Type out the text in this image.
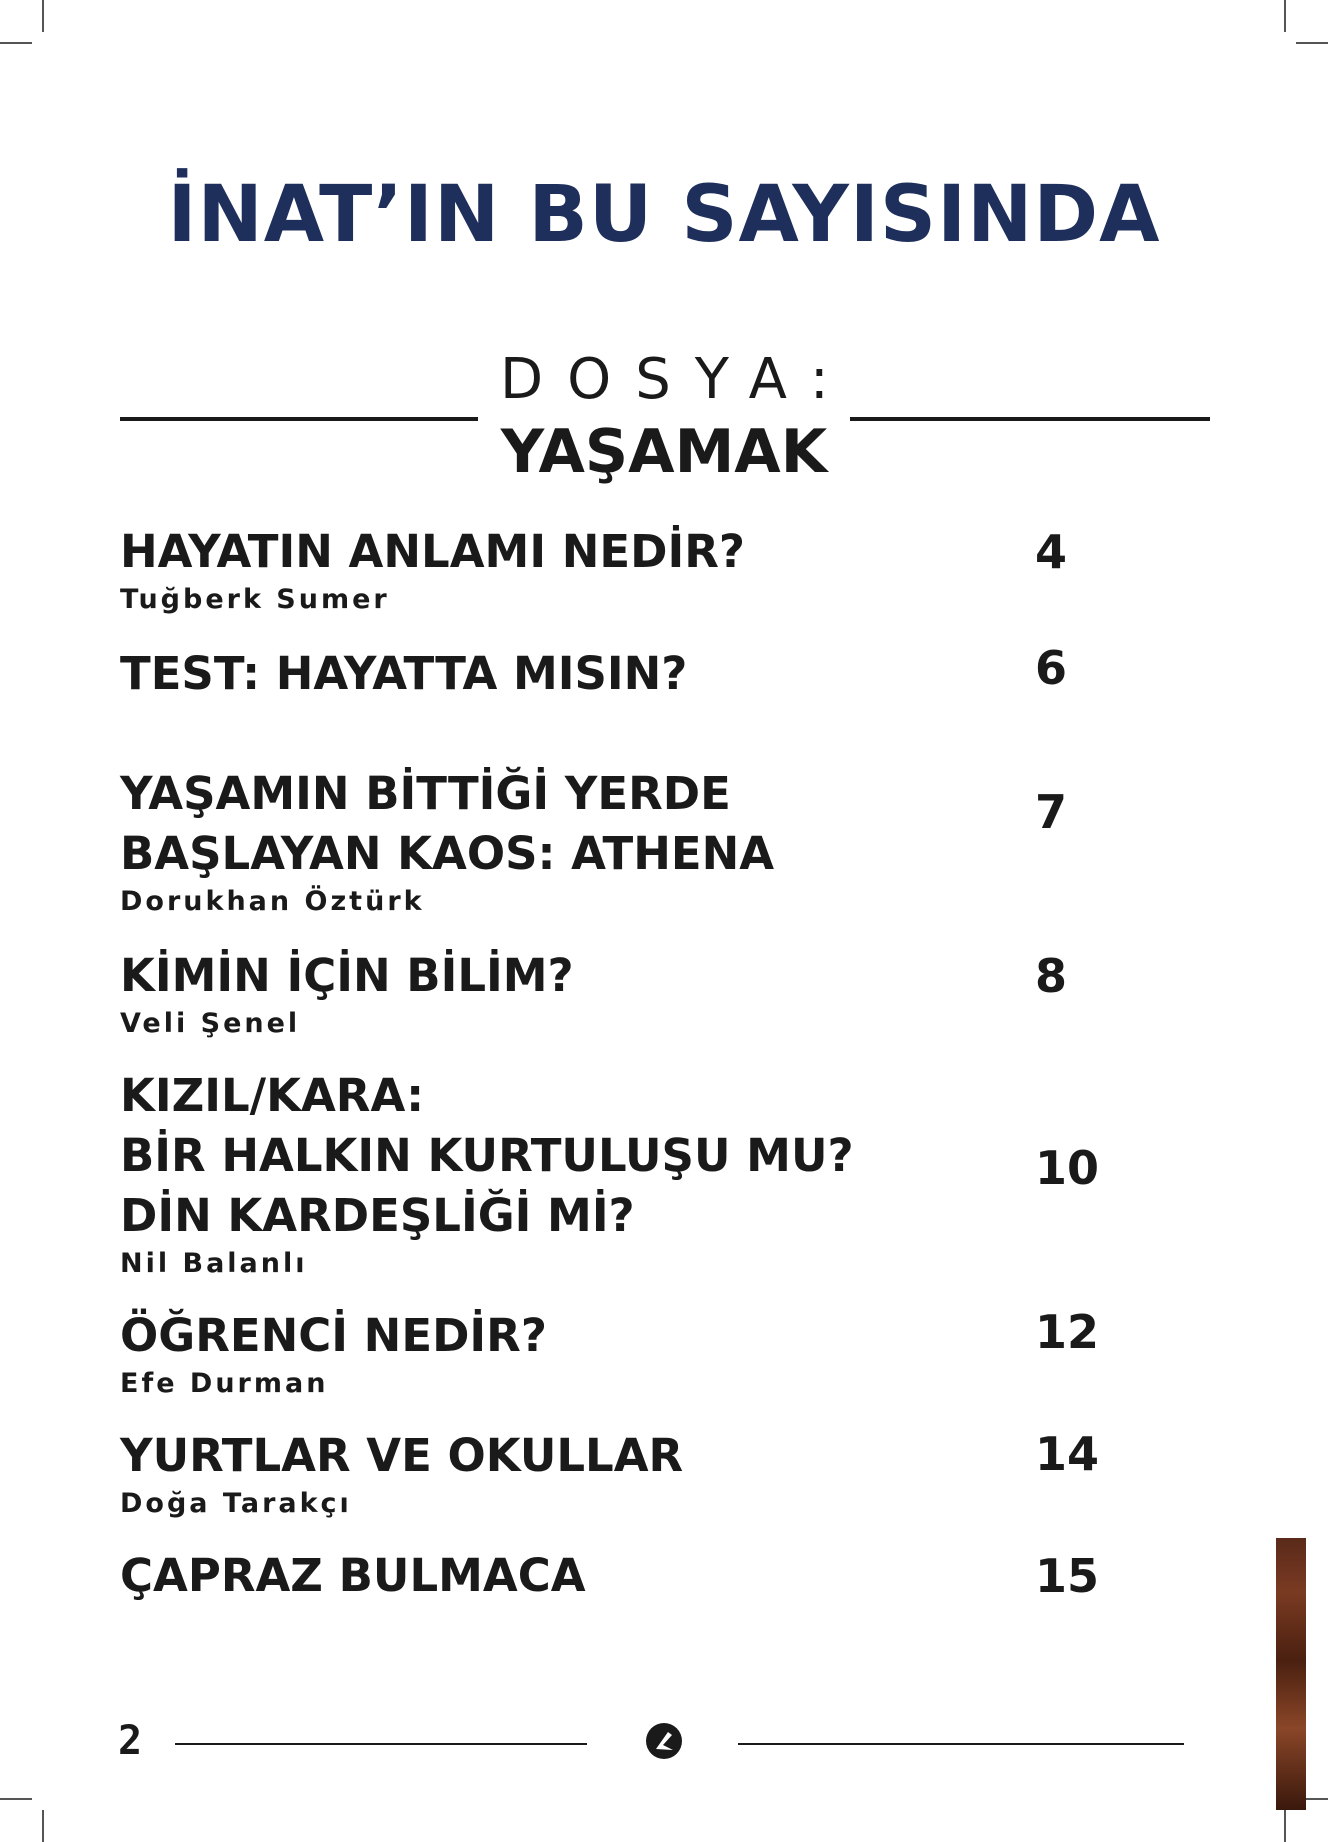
İNAT’IN BU SAYISINDA
DOSYA:
YAŞAMAK
HAYATIN ANLAMI NEDİR?
Tuğberk Sumer
4
TEST: HAYATTA MISIN?	6
YAŞAMIN BİTTİĞİ YERDE
BAŞLAYAN KAOS: ATHENA
Dorukhan Öztürk
7
KİMİN İÇİN BİLİM?
Veli Şenel
8
KIZIL/KARA:
BİR HALKIN KURTULUŞU MU?
DİN KARDEŞLİĞİ Mİ?
Nil Balanlı
10
ÖĞRENCİ NEDİR?
Efe Durman
12
YURTLAR VE OKULLAR
Doğa Tarakçı
14
ÇAPRAZ BULMACA	15
2
